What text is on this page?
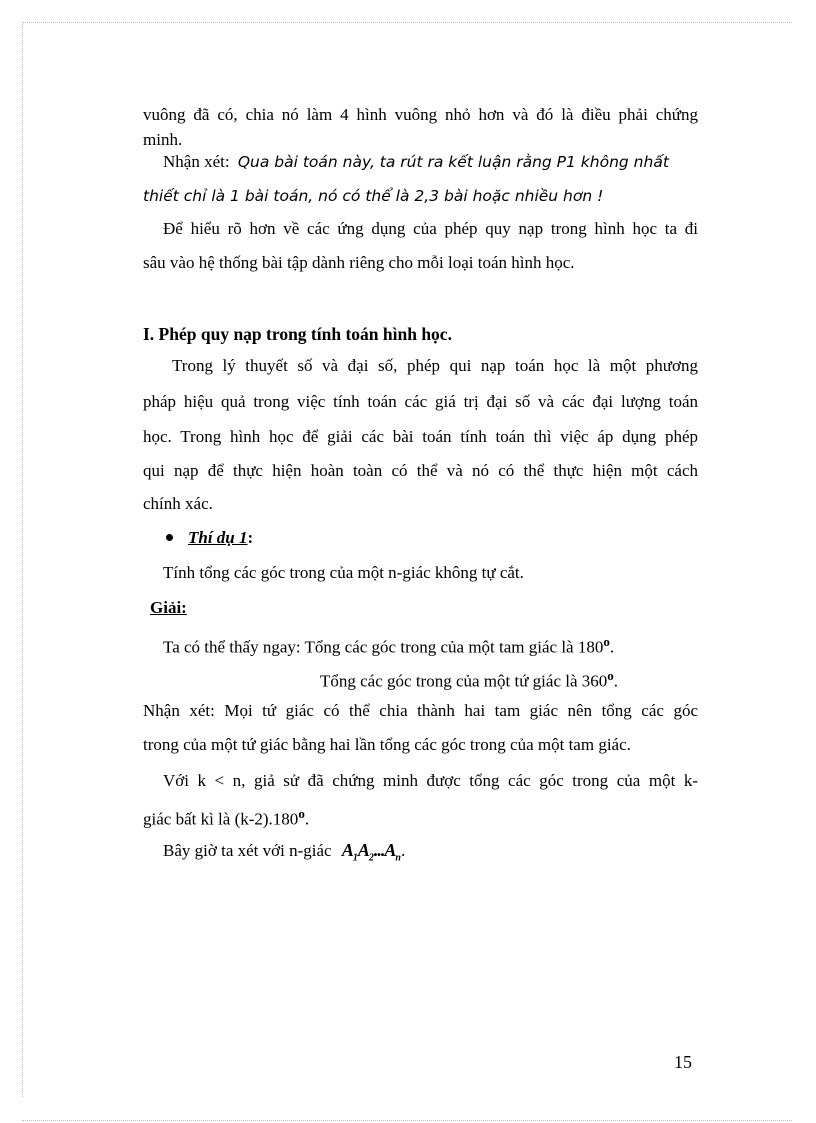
vuông đã có, chia nó làm 4 hình vuông nhỏ hơn và đó là điều phải chứng
minh.
Nhận xét: Qua bài toán này, ta rút ra kết luận rằng P1 không nhất
thiết chỉ là 1 bài toán, nó có thể là 2,3 bài hoặc nhiều hơn !
Để hiểu rõ hơn về các ứng dụng của phép quy nạp trong hình học ta đi
sâu vào hệ thống bài tập dành riêng cho mỗi loại toán hình học.
I. Phép quy nạp trong tính toán hình học.
Trong lý thuyết số và đại số, phép qui nạp toán học là một phương
pháp hiệu quả trong việc tính toán các giá trị đại số và các đại lượng toán
học. Trong hình học để giải các bài toán tính toán thì việc áp dụng phép
qui nạp để thực hiện hoàn toàn có thể và nó có thể thực hiện một cách
chính xác.
Thí dụ 1:
Tính tổng các góc trong của một n-giác không tự cắt.
Giải:
Ta có thể thấy ngay: Tổng các góc trong của một tam giác là 180$^o$.
Tổng các góc trong của một tứ giác là 360$^o$.
Nhận xét: Mọi tứ giác có thể chia thành hai tam giác nên tổng các góc
trong của một tứ giác bằng hai lần tổng các góc trong của một tam giác.
Với k < n, giả sử đã chứng minh được tổng các góc trong của một k-
giác bất kì là (k-2).180$^o$.
Bây giờ ta xét với n-giác $A_1A_2...A_n$.
15
